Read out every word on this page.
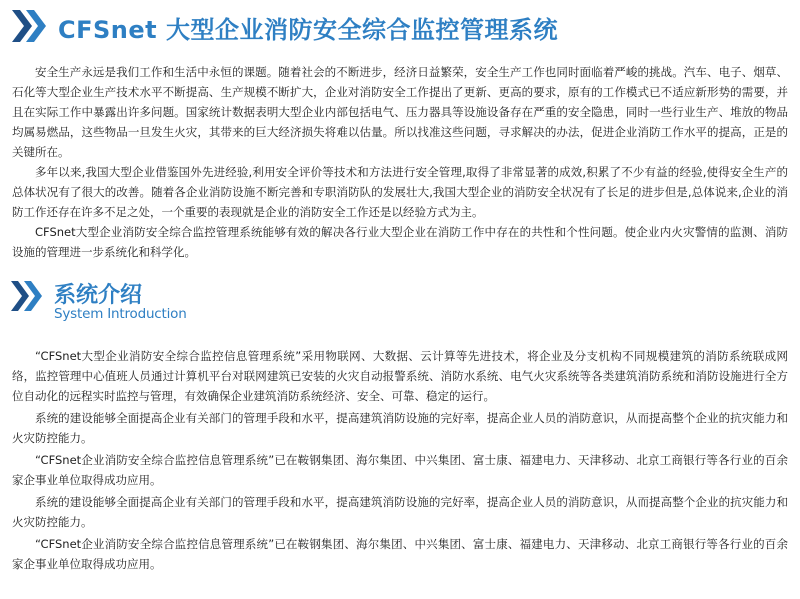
CFSnet 大型企业消防安全综合监控管理系统

安全生产永远是我们工作和生活中永恒的课题。随着社会的不断进步，经济日益繁荣，安全生产工作也同时面临着严峻的挑战。汽车、电子、烟草、石化等大型企业生产技术水平不断提高、生产规模不断扩大，企业对消防安全工作提出了更新、更高的要求，原有的工作模式已不适应新形势的需要，并且在实际工作中暴露出许多问题。国家统计数据表明大型企业内部包括电气、压力器具等设施设备存在严重的安全隐患，同时一些行业生产、堆放的物品均属易燃品，这些物品一旦发生火灾，其带来的巨大经济损失将难以估量。所以找准这些问题，寻求解决的办法，促进企业消防工作水平的提高，正是的关键所在。

多年以来,我国大型企业借鉴国外先进经验,利用安全评价等技术和方法进行安全管理,取得了非常显著的成效,积累了不少有益的经验,使得安全生产的总体状况有了很大的改善。随着各企业消防设施不断完善和专职消防队的发展壮大,我国大型企业的消防安全状况有了长足的进步但是,总体说来,企业的消防工作还存在许多不足之处，一个重要的表现就是企业的消防安全工作还是以经验方式为主。

CFSnet大型企业消防安全综合监控管理系统能够有效的解决各行业大型企业在消防工作中存在的共性和个性问题。使企业内火灾警情的监测、消防设施的管理进一步系统化和科学化。

系统介绍
System Introduction

“CFSnet大型企业消防安全综合监控信息管理系统”采用物联网、大数据、云计算等先进技术，将企业及分支机构不同规模建筑的消防系统联成网络，监控管理中心值班人员通过计算机平台对联网建筑已安装的火灾自动报警系统、消防水系统、电气火灾系统等各类建筑消防系统和消防设施进行全方位自动化的远程实时监控与管理，有效确保企业建筑消防系统经济、安全、可靠、稳定的运行。

系统的建设能够全面提高企业有关部门的管理手段和水平，提高建筑消防设施的完好率，提高企业人员的消防意识，从而提高整个企业的抗灾能力和火灾防控能力。

“CFSnet企业消防安全综合监控信息管理系统”已在鞍钢集团、海尔集团、中兴集团、富士康、福建电力、天津移动、北京工商银行等各行业的百余家企事业单位取得成功应用。

系统的建设能够全面提高企业有关部门的管理手段和水平，提高建筑消防设施的完好率，提高企业人员的消防意识，从而提高整个企业的抗灾能力和火灾防控能力。

“CFSnet企业消防安全综合监控信息管理系统”已在鞍钢集团、海尔集团、中兴集团、富士康、福建电力、天津移动、北京工商银行等各行业的百余家企事业单位取得成功应用。
